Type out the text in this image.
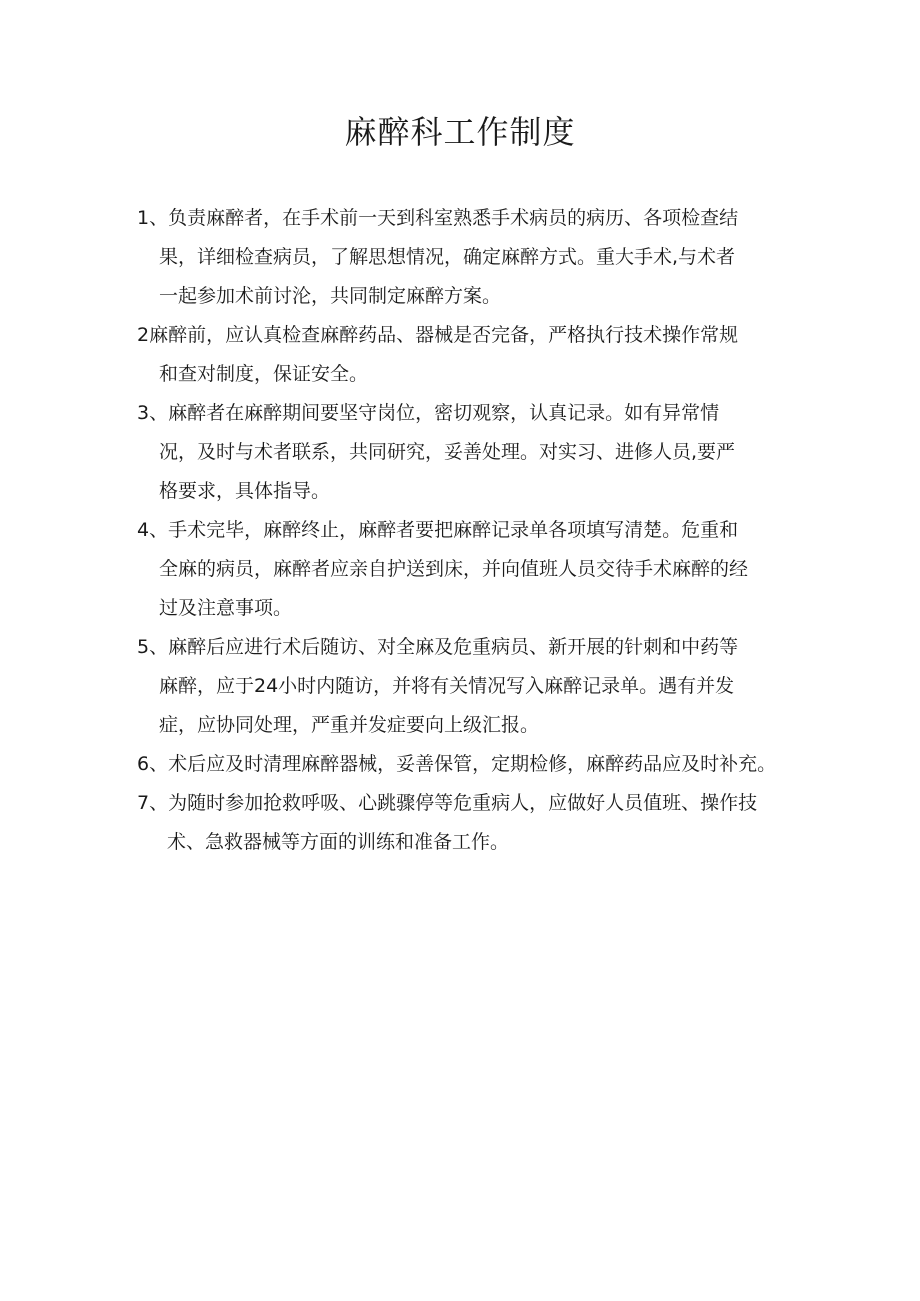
麻醉科工作制度
1、负责麻醉者，在手术前一天到科室熟悉手术病员的病历、各项检查结
果，详细检查病员，了解思想情况，确定麻醉方式。重大手术,与术者
一起参加术前讨沦，共同制定麻醉方案。
2麻醉前，应认真检查麻醉药品、器械是否完备，严格执行技术操作常规
和查对制度，保证安全。
3、麻醉者在麻醉期间要坚守岗位，密切观察，认真记录。如有异常情
况，及时与术者联系，共同研究，妥善处理。对实习、进修人员,要严
格要求，具体指导。
4、手术完毕，麻醉终止，麻醉者要把麻醉记录单各项填写清楚。危重和
全麻的病员，麻醉者应亲自护送到床，并向值班人员交待手术麻醉的经
过及注意事项。
5、麻醉后应进行术后随访、对全麻及危重病员、新开展的针刺和中药等
麻醉，应于24小时内随访，并将有关情况写入麻醉记录单。遇有并发
症，应协同处理，严重并发症要向上级汇报。
6、术后应及时清理麻醉器械，妥善保管，定期检修，麻醉药品应及时补充。
7、为随时参加抢救呼吸、心跳骤停等危重病人，应做好人员值班、操作技
术、急救器械等方面的训练和准备工作。
